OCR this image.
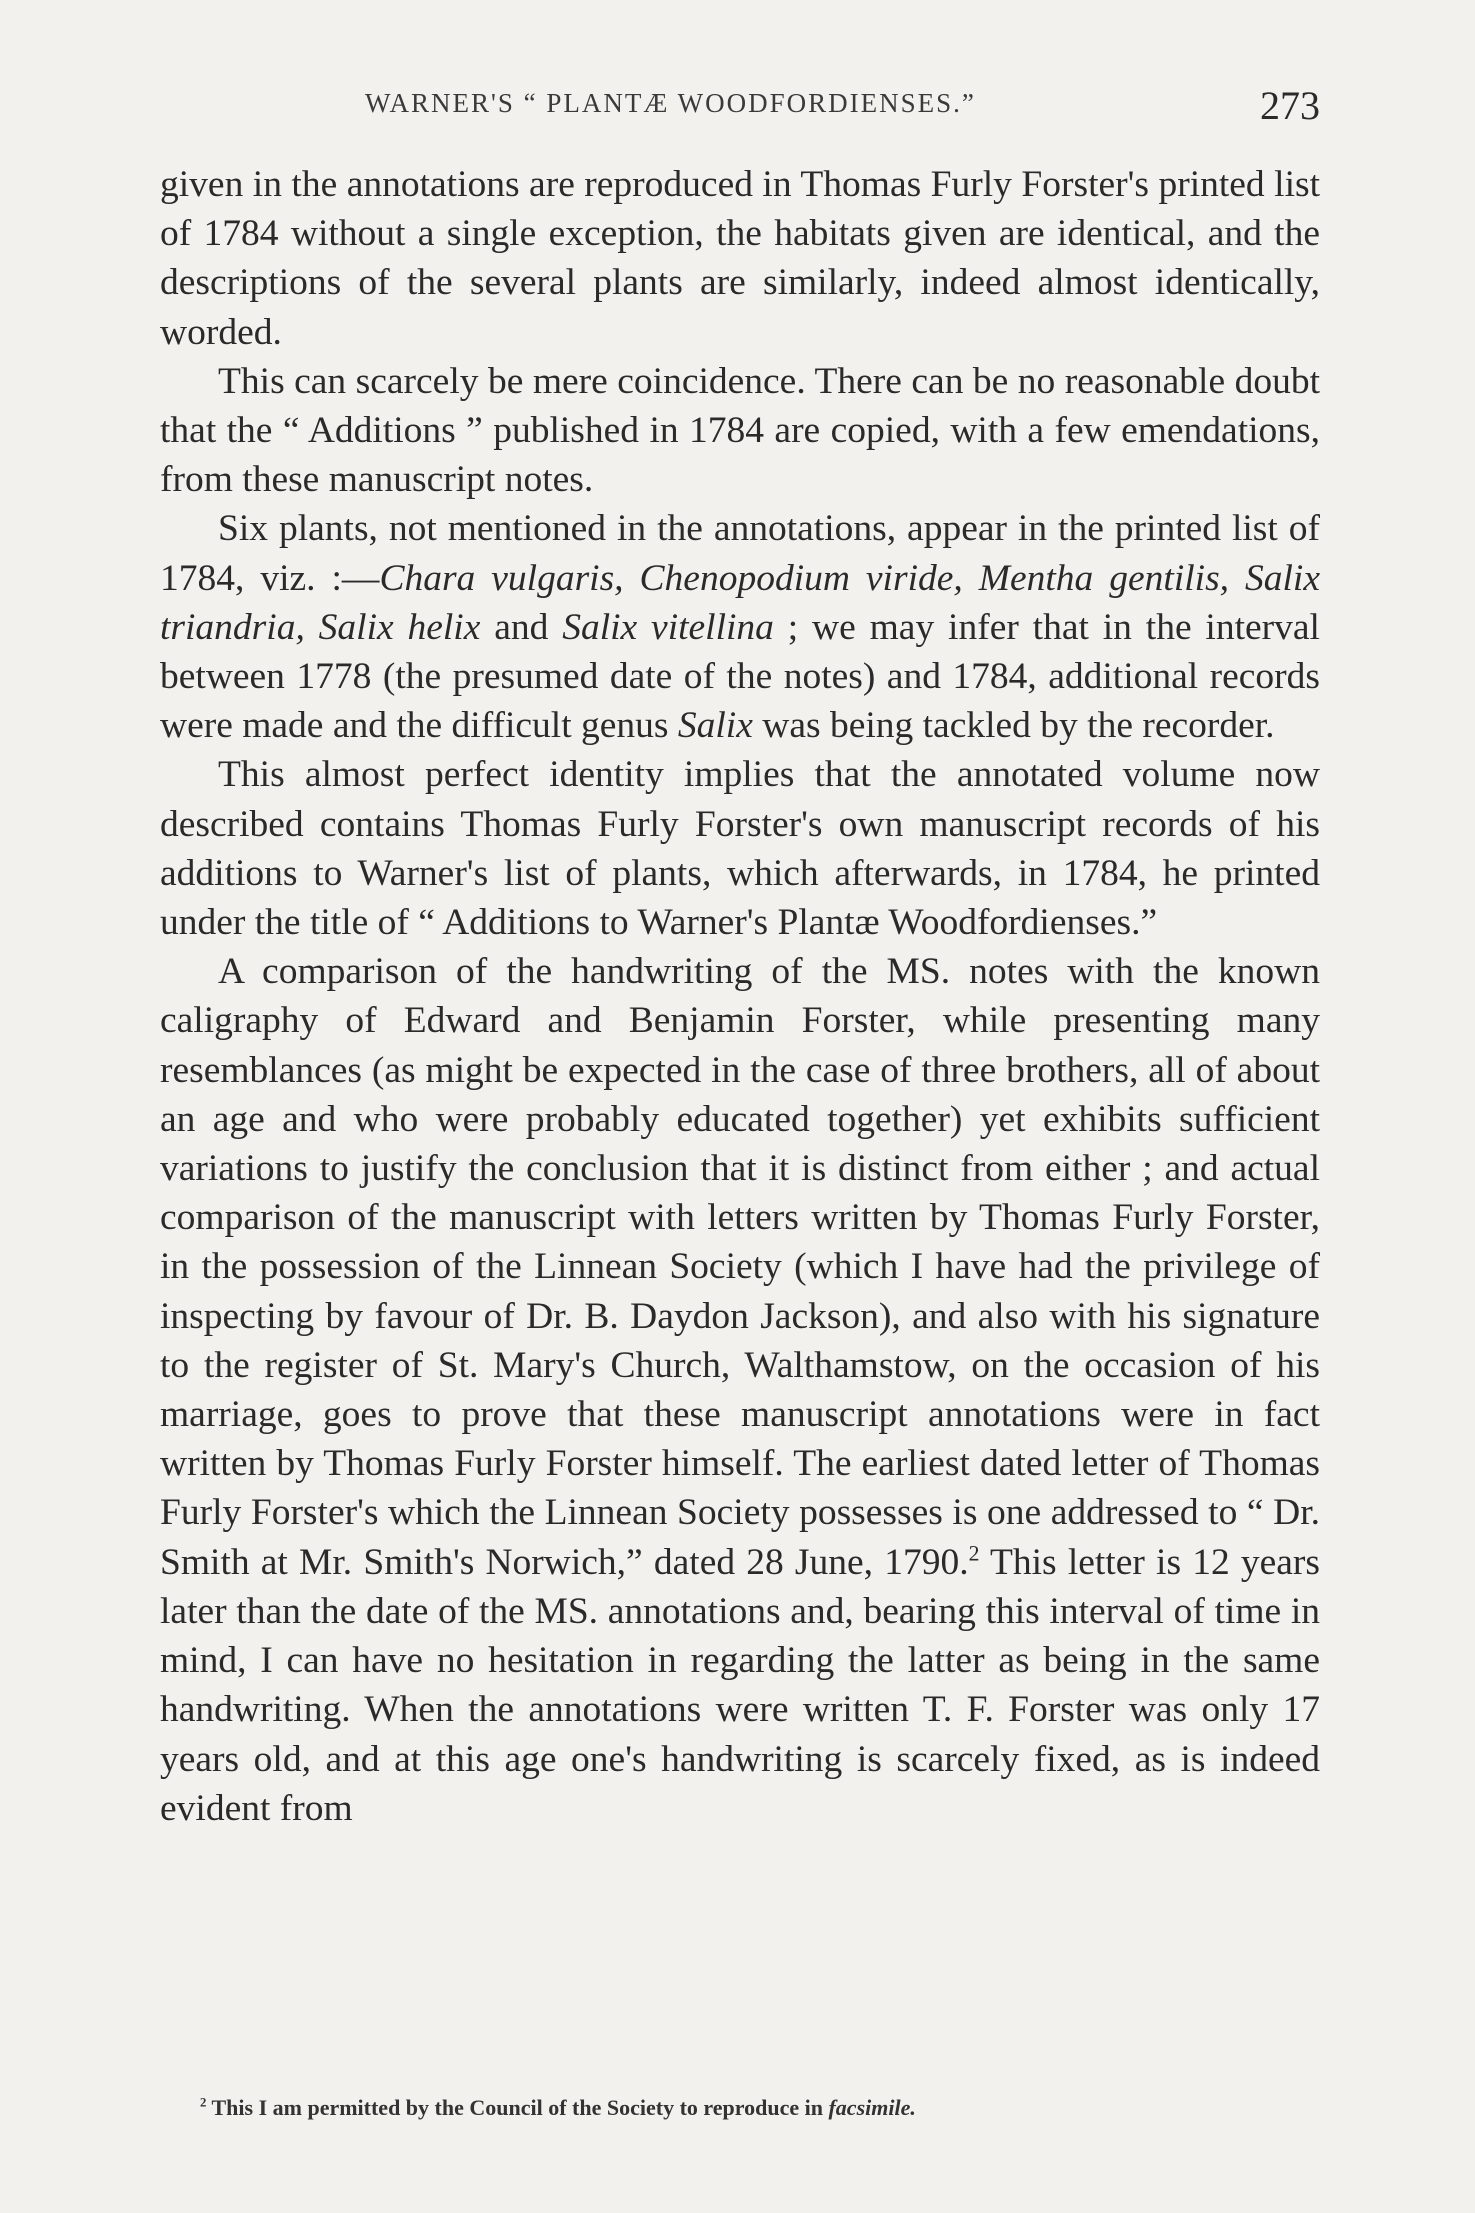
WARNER'S “ PLANTÆ WOODFORDIENSES.”	273

given in the annotations are reproduced in Thomas Furly Forster's printed list of 1784 without a single exception, the habitats given are identical, and the descriptions of the several plants are similarly, indeed almost identically, worded.

This can scarcely be mere coincidence. There can be no reasonable doubt that the “ Additions ” published in 1784 are copied, with a few emendations, from these manuscript notes.

Six plants, not mentioned in the annotations, appear in the printed list of 1784, viz. :—Chara vulgaris, Chenopodium viride, Mentha gentilis, Salix triandria, Salix helix and Salix vitellina ; we may infer that in the interval between 1778 (the presumed date of the notes) and 1784, additional records were made and the difficult genus Salix was being tackled by the recorder.

This almost perfect identity implies that the annotated volume now described contains Thomas Furly Forster's own manuscript records of his additions to Warner's list of plants, which afterwards, in 1784, he printed under the title of “ Additions to Warner's Plantæ Woodfordienses.”

A comparison of the handwriting of the MS. notes with the known caligraphy of Edward and Benjamin Forster, while presenting many resemblances (as might be expected in the case of three brothers, all of about an age and who were probably educated together) yet exhibits sufficient variations to justify the conclusion that it is distinct from either ; and actual comparison of the manuscript with letters written by Thomas Furly Forster, in the possession of the Linnean Society (which I have had the privilege of inspecting by favour of Dr. B. Daydon Jackson), and also with his signature to the register of St. Mary's Church, Walthamstow, on the occasion of his marriage, goes to prove that these manuscript annotations were in fact written by Thomas Furly Forster himself. The earliest dated letter of Thomas Furly Forster's which the Linnean Society possesses is one addressed to “ Dr. Smith at Mr. Smith's Norwich,” dated 28 June, 1790.$^2$ This letter is 12 years later than the date of the MS. annotations and, bearing this interval of time in mind, I can have no hesitation in regarding the latter as being in the same handwriting. When the annotations were written T. F. Forster was only 17 years old, and at this age one's handwriting is scarcely fixed, as is indeed evident from

$^2$ This I am permitted by the Council of the Society to reproduce in facsimile.
